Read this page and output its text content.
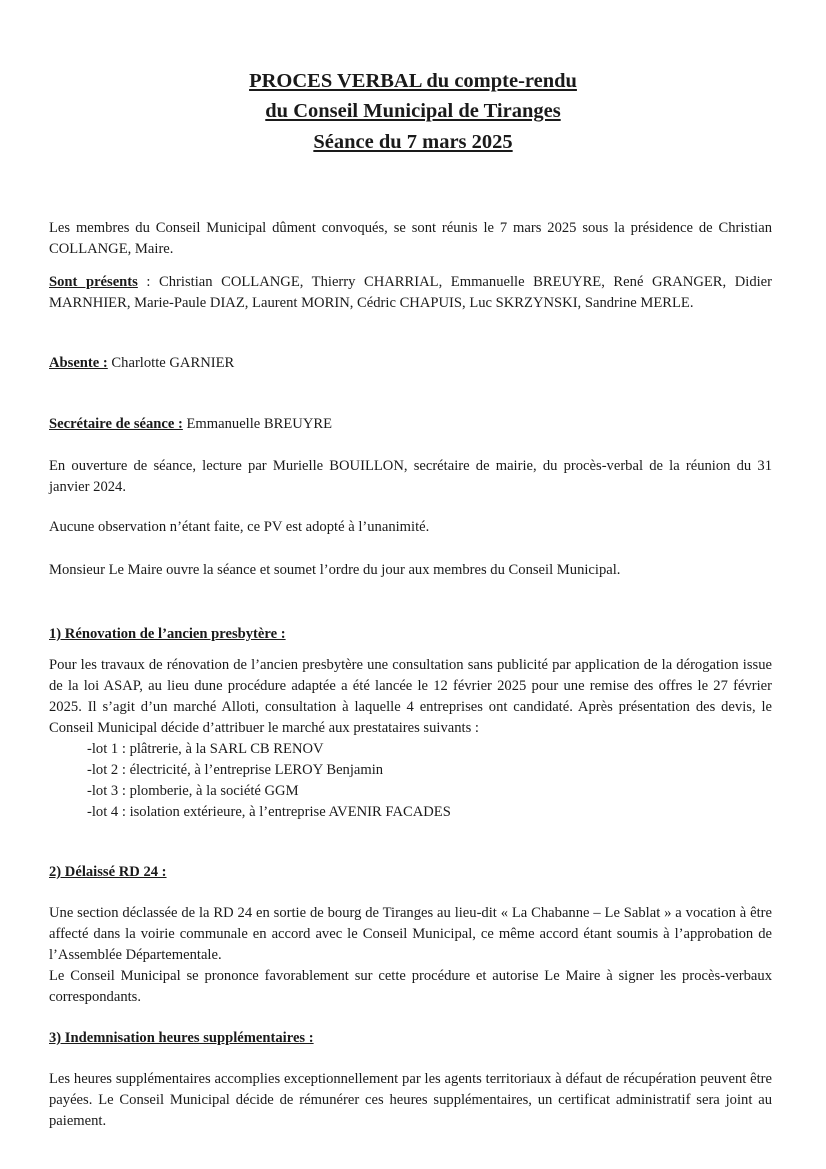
PROCES VERBAL du compte-rendu
du Conseil Municipal de Tiranges
Séance du 7 mars 2025

Les membres du Conseil Municipal dûment convoqués, se sont réunis le 7 mars 2025 sous la présidence de Christian COLLANGE, Maire.

Sont présents : Christian COLLANGE, Thierry CHARRIAL, Emmanuelle BREUYRE, René GRANGER, Didier MARNHIER, Marie-Paule DIAZ, Laurent MORIN, Cédric CHAPUIS, Luc SKRZYNSKI, Sandrine MERLE.

Absente : Charlotte GARNIER

Secrétaire de séance : Emmanuelle BREUYRE

En ouverture de séance, lecture par Murielle BOUILLON, secrétaire de mairie, du procès-verbal de la réunion du 31 janvier 2024.

Aucune observation n’étant faite, ce PV est adopté à l’unanimité.

Monsieur Le Maire ouvre la séance et soumet l’ordre du jour aux membres du Conseil Municipal.

1) Rénovation de l’ancien presbytère :

Pour les travaux de rénovation de l’ancien presbytère une consultation sans publicité par application de la dérogation issue de la loi ASAP, au lieu dune procédure adaptée a été lancée le 12 février 2025 pour une remise des offres le 27 février 2025. Il s’agit d’un marché Alloti, consultation à laquelle 4 entreprises ont candidaté. Après présentation des devis, le Conseil Municipal décide d’attribuer le marché aux prestataires suivants :

-lot 1 : plâtrerie, à la SARL CB RENOV
-lot 2 : électricité, à l’entreprise LEROY Benjamin
-lot 3 : plomberie, à la société GGM
-lot 4 : isolation extérieure, à l’entreprise AVENIR FACADES
2) Délaissé RD 24 :

Une section déclassée de la RD 24 en sortie de bourg de Tiranges au lieu-dit « La Chabanne – Le Sablat » a vocation à être affecté dans la voirie communale en accord avec le Conseil Municipal, ce même accord étant soumis à l’approbation de l’Assemblée Départementale.

Le Conseil Municipal se prononce favorablement sur cette procédure et autorise Le Maire à signer les procès-verbaux correspondants.

3) Indemnisation heures supplémentaires :

Les heures supplémentaires accomplies exceptionnellement par les agents territoriaux à défaut de récupération peuvent être payées. Le Conseil Municipal décide de rémunérer ces heures supplémentaires, un certificat administratif sera joint au paiement.
